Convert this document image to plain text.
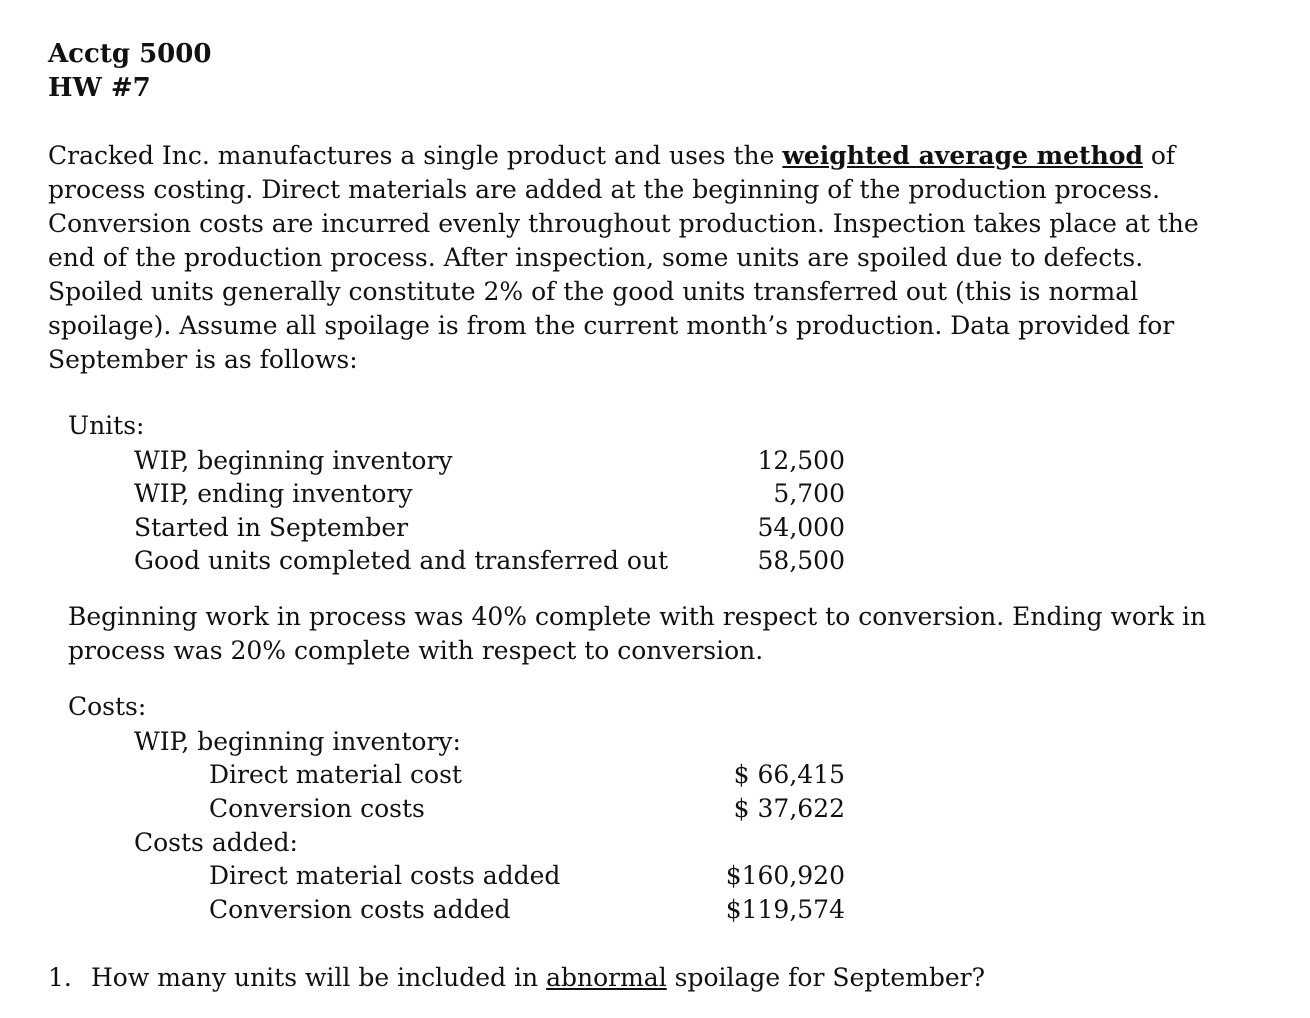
Acctg 5000
HW #7
Cracked Inc. manufactures a single product and uses the weighted average method of
process costing. Direct materials are added at the beginning of the production process.
Conversion costs are incurred evenly throughout production. Inspection takes place at the
end of the production process. After inspection, some units are spoiled due to defects.
Spoiled units generally constitute 2% of the good units transferred out (this is normal
spoilage). Assume all spoilage is from the current month’s production. Data provided for
September is as follows:
Units:
WIP, beginning inventory	12,500
WIP, ending inventory	5,700
Started in September	54,000
Good units completed and transferred out	58,500
Beginning work in process was 40% complete with respect to conversion. Ending work in
process was 20% complete with respect to conversion.
Costs:
WIP, beginning inventory:
Direct material cost	$ 66,415
Conversion costs	$ 37,622
Costs added:
Direct material costs added	$160,920
Conversion costs added	$119,574
1. How many units will be included in abnormal spoilage for September?
